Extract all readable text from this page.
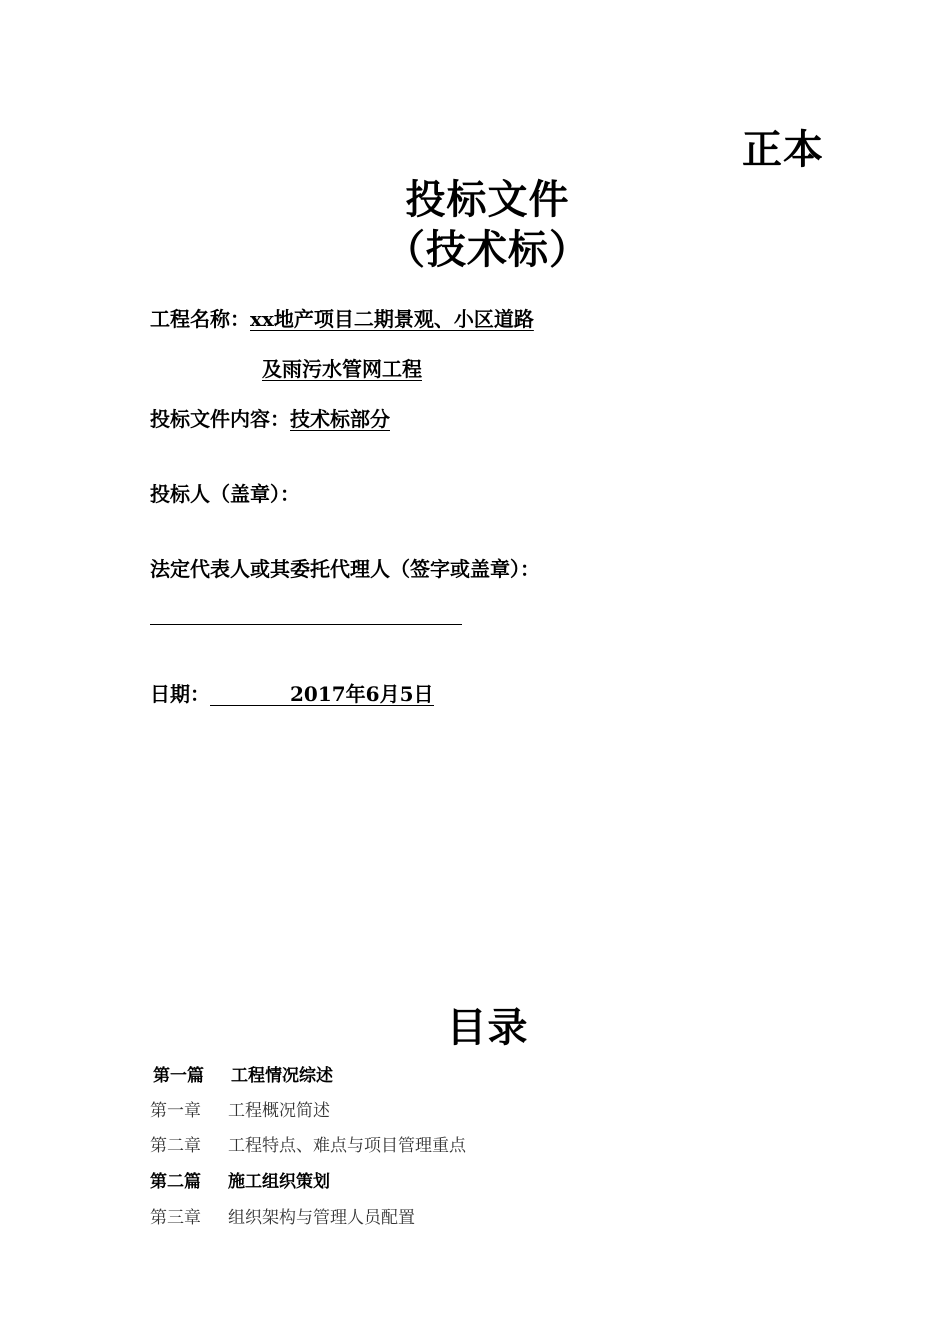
正本
投标文件
（技术标）
工程名称：xx地产项目二期景观、小区道路
及雨污水管网工程
投标文件内容：技术标部分
投标人（盖章）：
法定代表人或其委托代理人（签字或盖章）：
日期：	2017年6月5日
目录
第一篇 工程情况综述
第一章 工程概况简述
第二章 工程特点、难点与项目管理重点
第二篇 施工组织策划
第三章 组织架构与管理人员配置
